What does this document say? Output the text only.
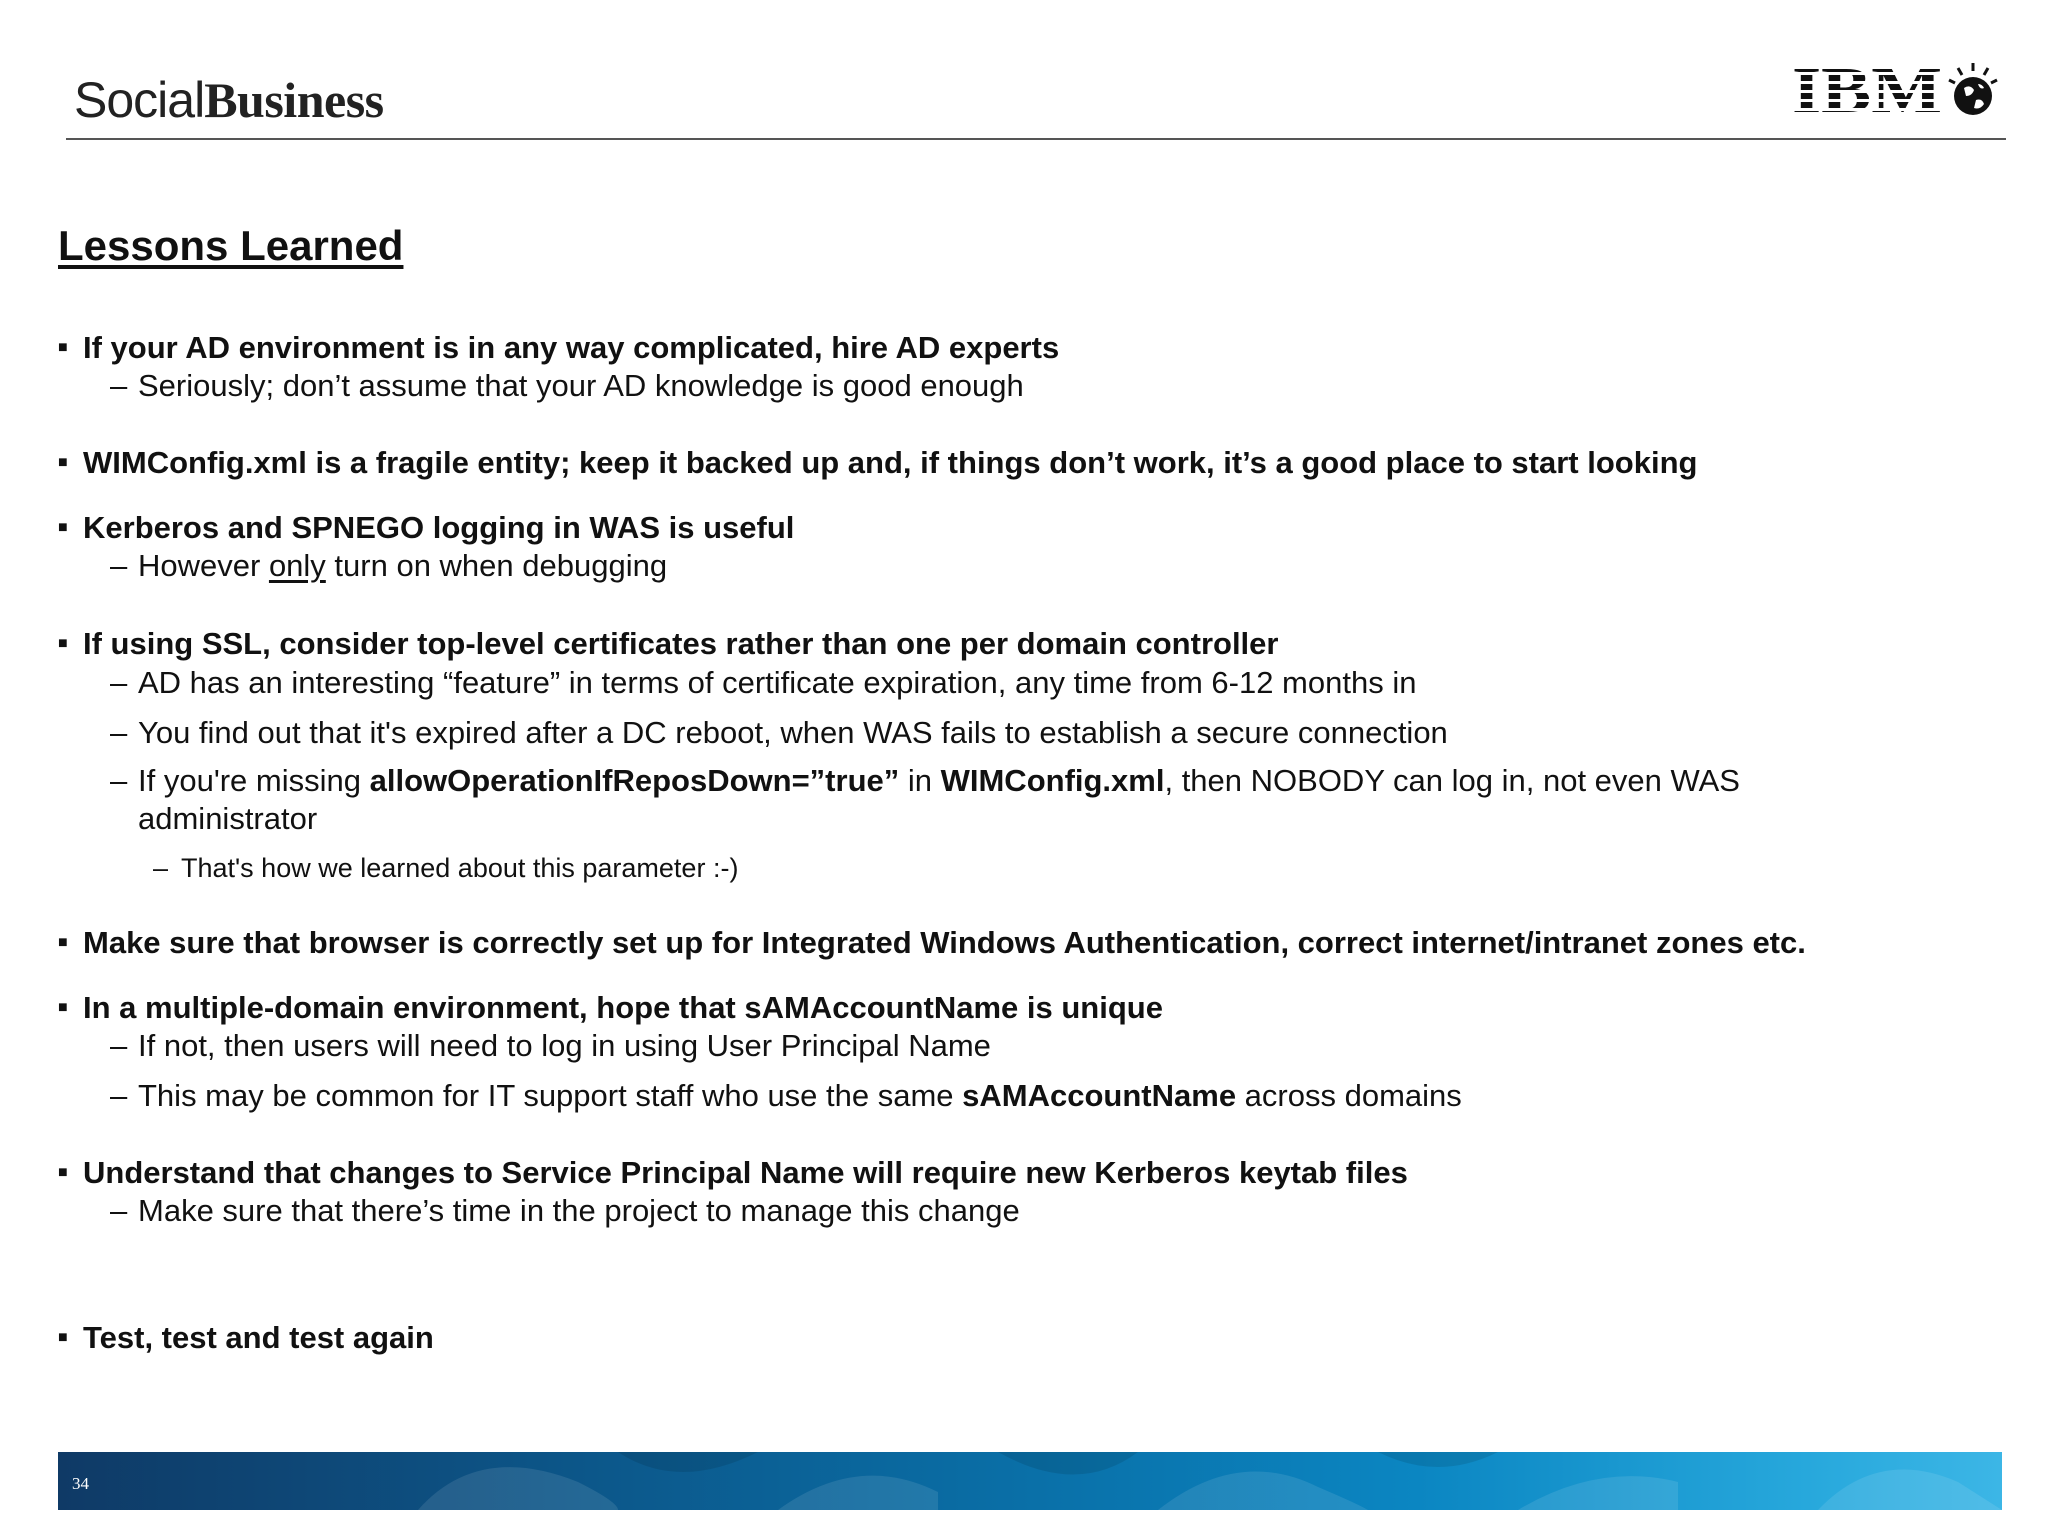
SocialBusiness
Lessons Learned
■ If your AD environment is in any way complicated, hire AD experts
– Seriously; don’t assume that your AD knowledge is good enough
■ WIMConfig.xml is a fragile entity; keep it backed up and, if things don’t work, it’s a good place to start looking
■ Kerberos and SPNEGO logging in WAS is useful
– However only turn on when debugging
■ If using SSL, consider top-level certificates rather than one per domain controller
– AD has an interesting “feature” in terms of certificate expiration, any time from 6-12 months in
– You find out that it's expired after a DC reboot, when WAS fails to establish a secure connection
– If you're missing allowOperationIfReposDown=”true” in WIMConfig.xml, then NOBODY can log in, not even WAS administrator
– That's how we learned about this parameter :-)
■ Make sure that browser is correctly set up for Integrated Windows Authentication, correct internet/intranet zones etc.
■ In a multiple-domain environment, hope that sAMAccountName is unique
– If not, then users will need to log in using User Principal Name
– This may be common for IT support staff who use the same sAMAccountName across domains
■ Understand that changes to Service Principal Name will require new Kerberos keytab files
– Make sure that there’s time in the project to manage this change
■ Test, test and test again
34
